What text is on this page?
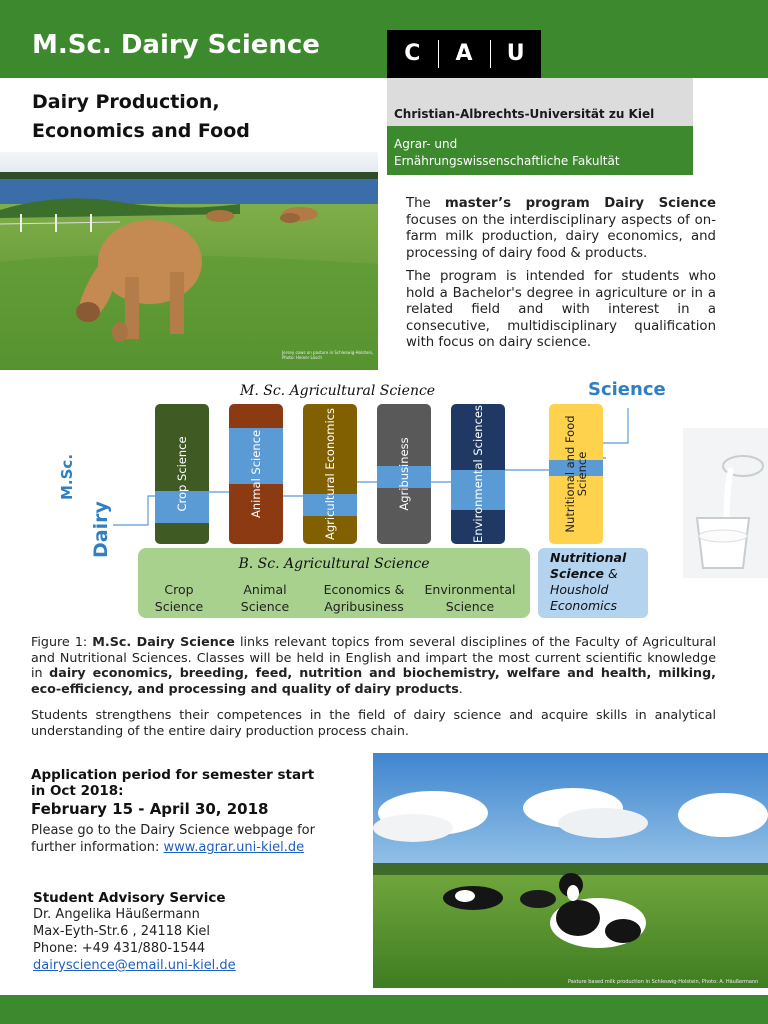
M.Sc. Dairy Science	C	A	U
Christian-Albrechts-Universität zu Kiel
Agrar- und
Ernährungswissenschaftliche Fakultät
Dairy Production,
Economics and Food
Jersey cows on pasture in Schleswig-Holstein, Photo: Heiner Lösch
The master’s program Dairy Science focuses on the interdisciplinary aspects of on-farm milk production, dairy economics, and processing of dairy food & products.
The program is intended for students who hold a Bachelor's degree in agriculture or in a related field and with interest in a consecutive, multidisciplinary qualification with focus on dairy science.
M. Sc. Agricultural Science	Science
M.Sc.
Dairy
Crop Science	Animal Science	Agricultural Economics	Agribusiness	Environmental Sciences	Nutritional and Food Science
B. Sc. Agricultural Science
Crop Science
Animal Science
Economics & Agribusiness
Environmental Science
Nutritional
Science &
Houshold
Economics
Figure 1: M.Sc. Dairy Science links relevant topics from several disciplines of the Faculty of Agricultural and Nutritional Sciences. Classes will be held in English and impart the most current scientific knowledge in dairy economics, breeding, feed, nutrition and biochemistry, welfare and health, milking, eco-efficiency, and processing and quality of dairy products.
Students strengthens their competences in the field of dairy science and acquire skills in analytical understanding of the entire dairy production process chain.
Application period for semester start in Oct 2018:
February 15 - April 30, 2018
Please go to the Dairy Science webpage for further information: www.agrar.uni-kiel.de
Student Advisory Service
Dr. Angelika Häußermann
Max-Eyth-Str.6 , 24118 Kiel
Phone: +49 431/880-1544
dairyscience@email.uni-kiel.de
Pasture based milk production in Schleswig-Holstein, Photo: A. Häußermann
